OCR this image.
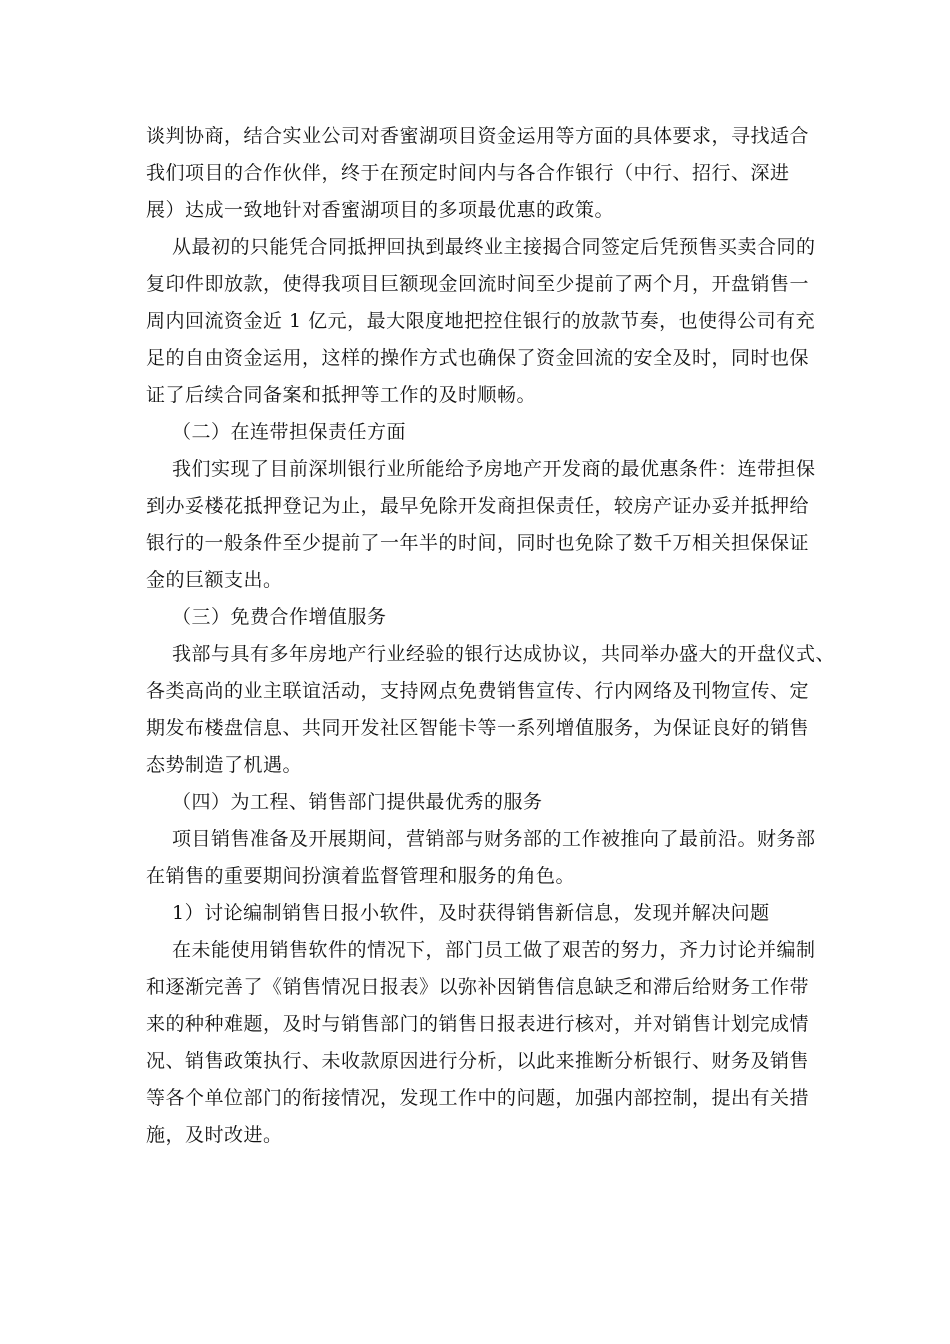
谈判协商，结合实业公司对香蜜湖项目资金运用等方面的具体要求，寻找适合
我们项目的合作伙伴，终于在预定时间内与各合作银行（中行、招行、深进
展）达成一致地针对香蜜湖项目的多项最优惠的政策。
从最初的只能凭合同抵押回执到最终业主接揭合同签定后凭预售买卖合同的
复印件即放款，使得我项目巨额现金回流时间至少提前了两个月，开盘销售一
周内回流资金近 1 亿元，最大限度地把控住银行的放款节奏，也使得公司有充
足的自由资金运用，这样的操作方式也确保了资金回流的安全及时，同时也保
证了后续合同备案和抵押等工作的及时顺畅。
（二）在连带担保责任方面
我们实现了目前深圳银行业所能给予房地产开发商的最优惠条件：连带担保
到办妥楼花抵押登记为止，最早免除开发商担保责任，较房产证办妥并抵押给
银行的一般条件至少提前了一年半的时间，同时也免除了数千万相关担保保证
金的巨额支出。
（三）免费合作增值服务
我部与具有多年房地产行业经验的银行达成协议，共同举办盛大的开盘仪式、
各类高尚的业主联谊活动，支持网点免费销售宣传、行内网络及刊物宣传、定
期发布楼盘信息、共同开发社区智能卡等一系列增值服务，为保证良好的销售
态势制造了机遇。
（四）为工程、销售部门提供最优秀的服务
项目销售准备及开展期间，营销部与财务部的工作被推向了最前沿。财务部
在销售的重要期间扮演着监督管理和服务的角色。
1）讨论编制销售日报小软件，及时获得销售新信息，发现并解决问题
在未能使用销售软件的情况下，部门员工做了艰苦的努力，齐力讨论并编制
和逐渐完善了《销售情况日报表》以弥补因销售信息缺乏和滞后给财务工作带
来的种种难题，及时与销售部门的销售日报表进行核对，并对销售计划完成情
况、销售政策执行、未收款原因进行分析，以此来推断分析银行、财务及销售
等各个单位部门的衔接情况，发现工作中的问题，加强内部控制，提出有关措
施，及时改进。
